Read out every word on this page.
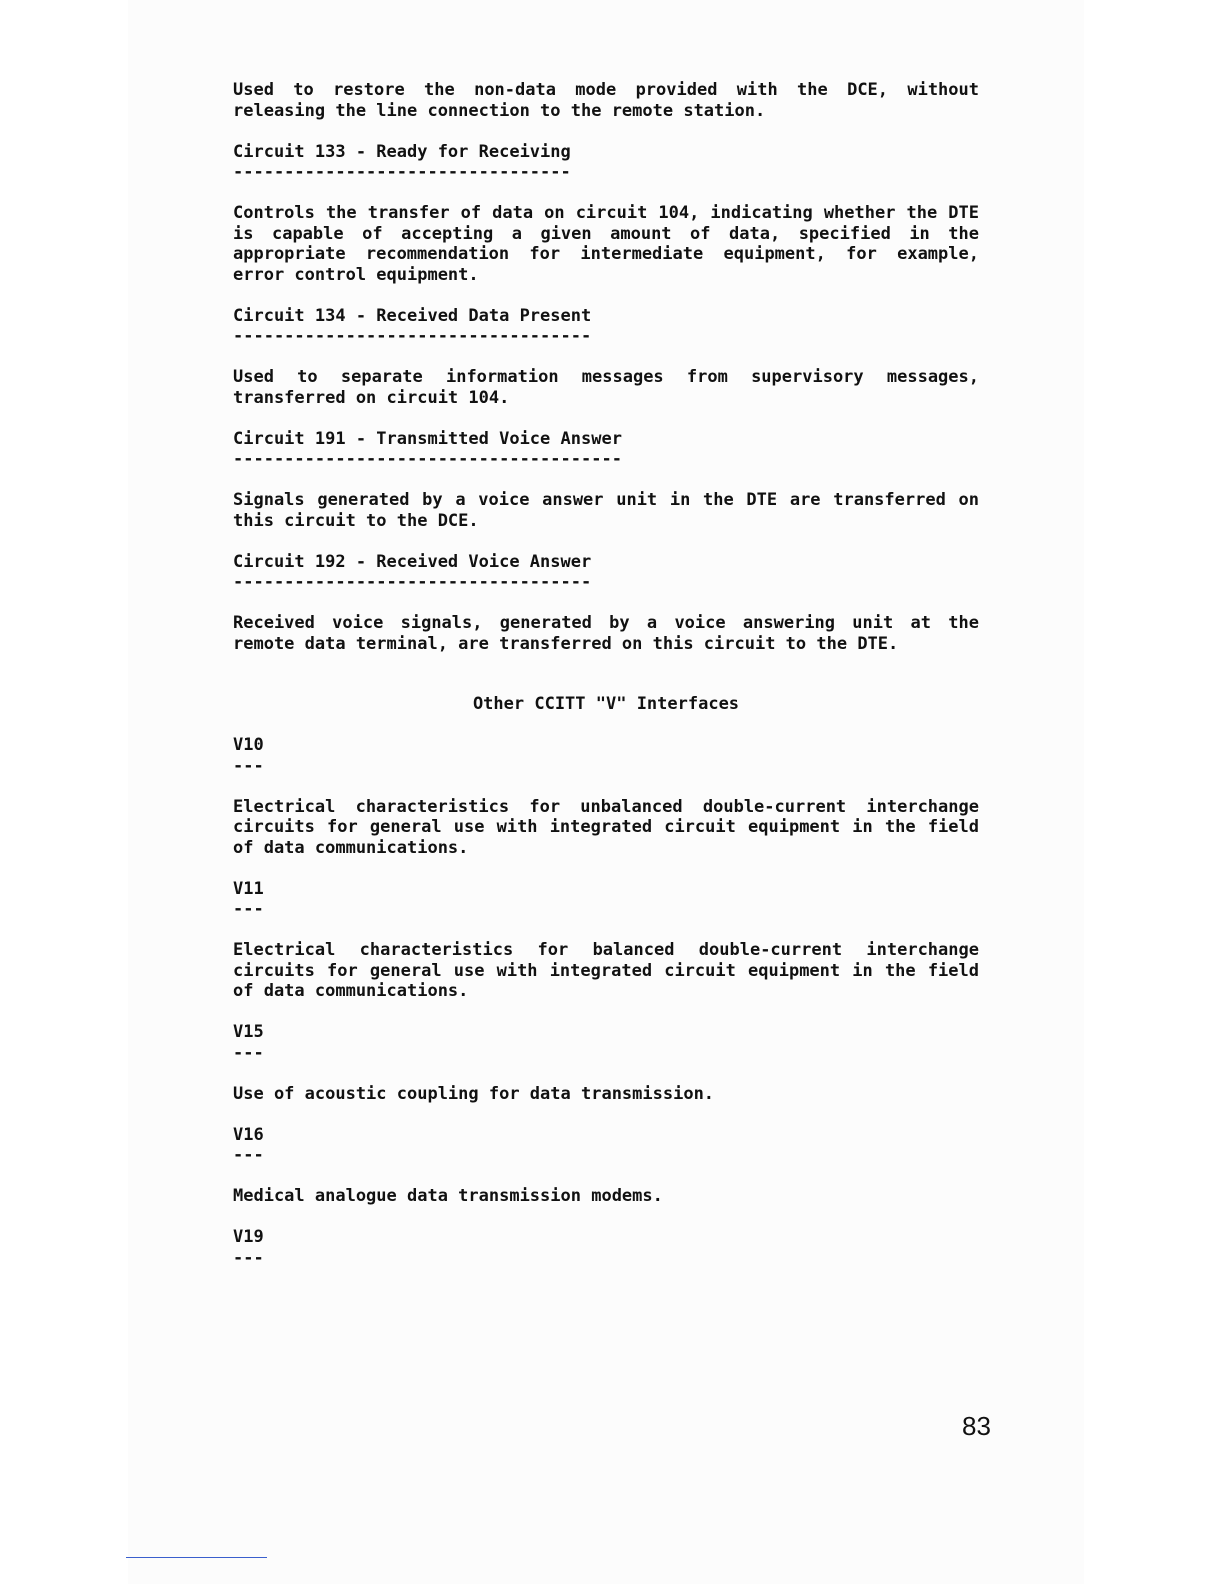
Used to restore the non-data mode provided with the DCE, without releasing the line connection to the remote station.

Circuit 133 - Ready for Receiving
---------------------------------

Controls the transfer of data on circuit 104, indicating whether the DTE is capable of accepting a given amount of data, specified in the appropriate recommendation for intermediate equipment, for example, error control equipment.

Circuit 134 - Received Data Present
-----------------------------------

Used to separate information messages from supervisory messages, transferred on circuit 104.

Circuit 191 - Transmitted Voice Answer
--------------------------------------

Signals generated by a voice answer unit in the DTE are transferred on this circuit to the DCE.

Circuit 192 - Received Voice Answer
-----------------------------------

Received voice signals, generated by a voice answering unit at the remote data terminal, are transferred on this circuit to the DTE.

Other CCITT "V" Interfaces
V10
---

Electrical characteristics for unbalanced double-current interchange circuits for general use with integrated circuit equipment in the field of data communications.

V11
---

Electrical characteristics for balanced double-current interchange circuits for general use with integrated circuit equipment in the field of data communications.

V15
---

Use of acoustic coupling for data transmission.

V16
---

Medical analogue data transmission modems.

V19
---
83
